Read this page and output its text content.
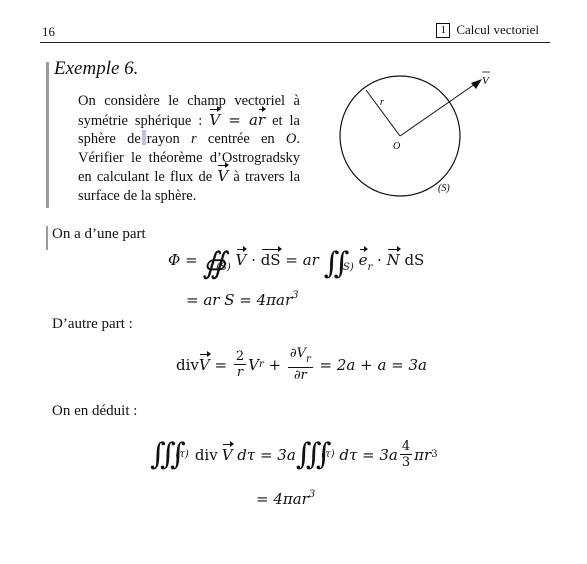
16	1 Calcul vectoriel
Exemple 6.

On considère le champ vectoriel à symétrie sphérique : V = ar et la sphère de rayon r centrée en O. Vérifier le théorème d’Ostrogradsky en calculant le flux de V à travers la surface de la sphère.

r
O
V
(S)
On a d’une part
$\Phi = ∯_{(S)}$ V · dS = ar $∬_{(S)}$ $e_r \cdot N$ dS
= ar S = 4πar$^3$
D’autre part :
div $V = \frac{2}{r}$ V $r + \frac{\partial V_r}{\partial r} = 2a + a = 3a$
On en déduit :
∭ (τ) div V dτ = 3a ∭ (τ) $d\tau = 3a \frac{4}{3}$ πr 3
= 4πar$^3$
